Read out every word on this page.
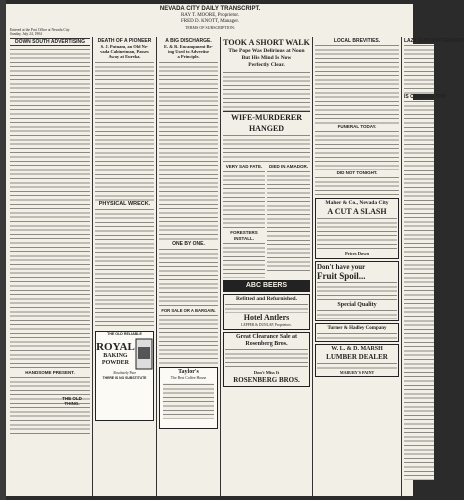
NEVADA CITY DAILY TRANSCRIPT.
RAY T. MOORE, Proprietor.
FRED D. KNOTT, Manager.
TERMS OF SUBSCRIPTION:
Entered at the Post Office at Nevada City
Sunday, July 24, 1904
DOWN SOUTH ADVERTISING
HANDSOME PRESENT.
THE OLD THING.
DEATH OF A PIONEER
S. J. Putnam, an Old Ne-
vada Cabinetman, Passes
Away at Eureka.
PHYSICAL WRECK.
THE OLD RELIABLE
ROYAL
BAKING
POWDER
Absolutely Pure
THERE IS NO SUBSTITUTE
A BIG DISCHARGE.
E. & R. Encampment Be-
ing Used to Advertise
a Principle.
ONE BY ONE.
FOR SALE OR A BARGAIN.
Taylor's
The Best Coffee House
TOOK A SHORT WALK
The Pope Was Delirious at Noon
But His Mind Is Now
Perfectly Clear.
WIFE-MURDERER HANGED
VERY SAD FATE.
FORESTERS INSTALL.
DIED IN AMADOR.
ABC BEERS
Refitted and Refurnished.
Hotel Antlers
LEPPER & DUNLAP, Proprietors.
Great Clearance Sale at
Rosenberg Bros.
Don't Miss It
ROSENBERG BROS.
LOCAL BREVITIES.
FUNERAL TODAY.
DID NOT TONIGHT.
Maher & Co., Nevada City
A CUT A SLASH
Prices Down
Don't have your
Fruit Spoil...
Special Quality
Turner & Hadley Company
W. L. & D. MARSH
LUMBER DEALER
MABURY'S PAINT
LAZY SUPERINTENDENT
IS CAMPING TRIP
